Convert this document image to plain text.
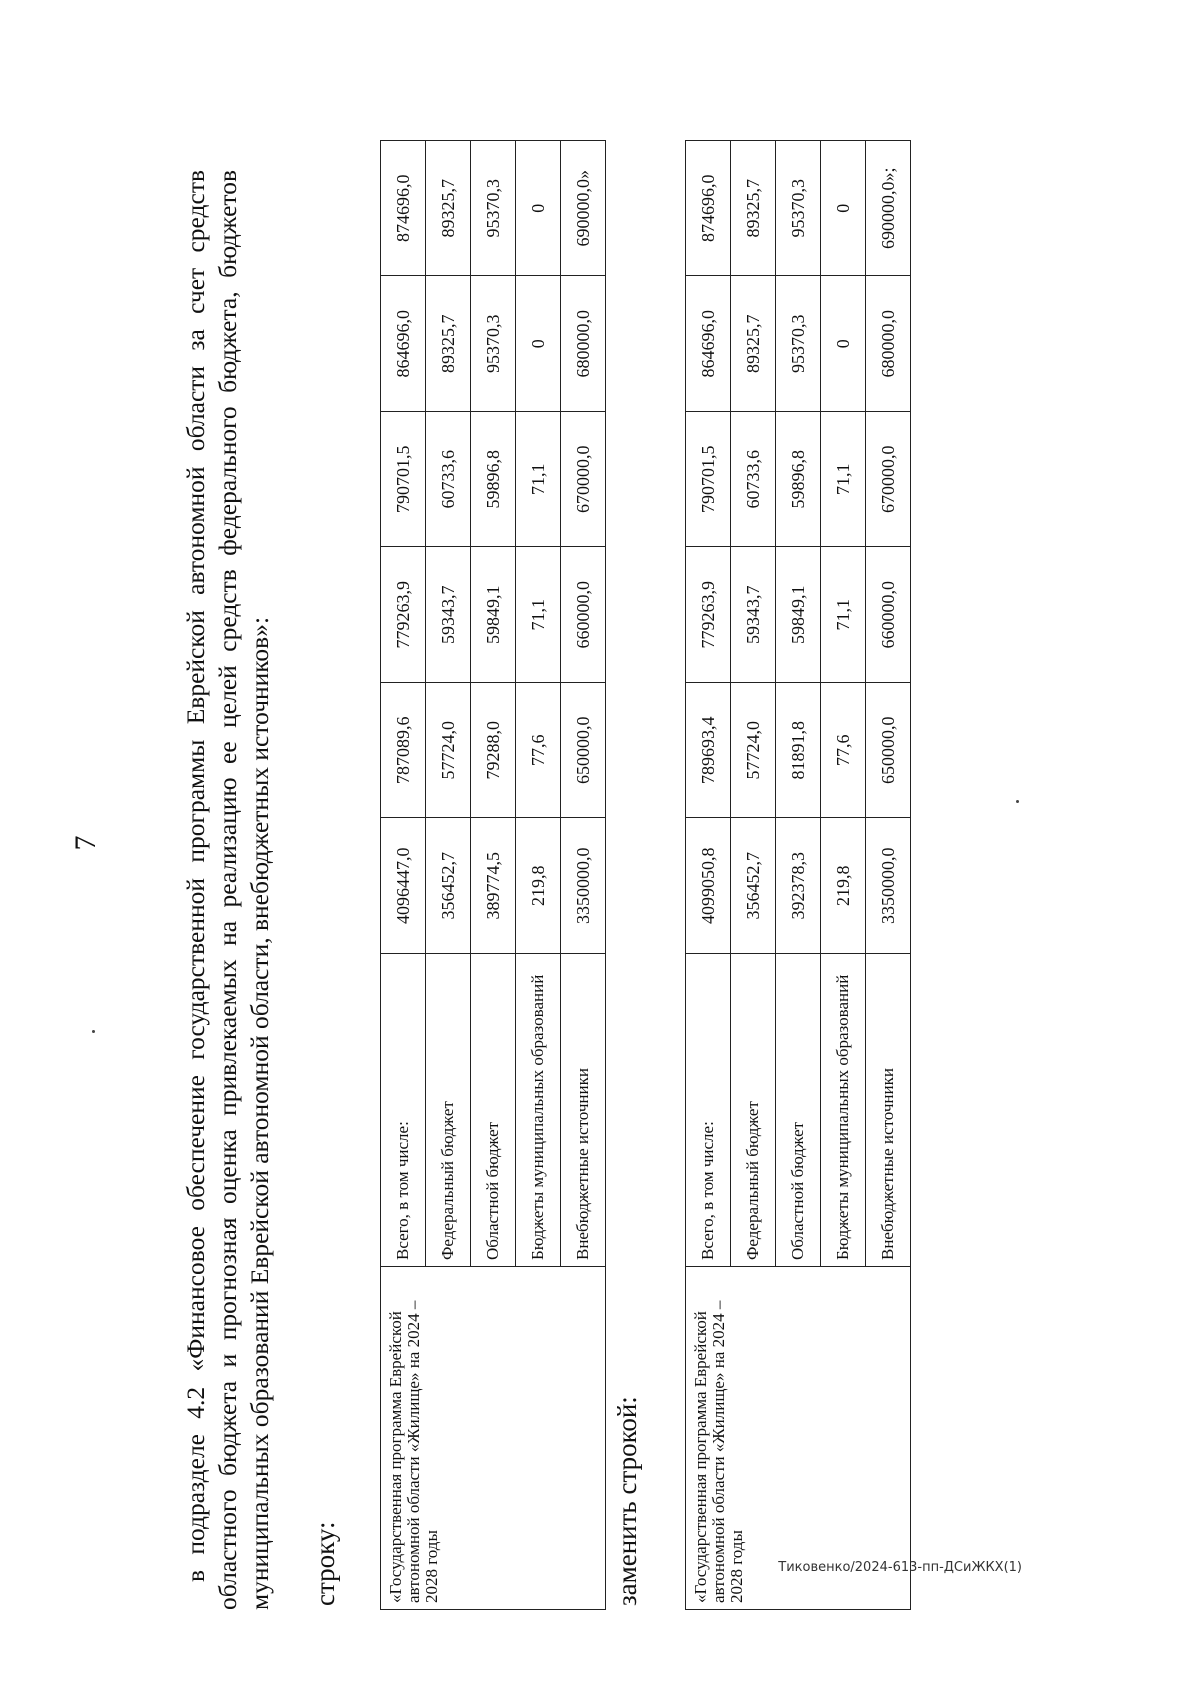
7	в подразделе 4.2 «Финансовое обеспечение государственной программы Еврейской автономной области за счет средств областного бюджета и прогнозная оценка привлекаемых на реализацию ее целей средств федерального бюджета, бюджетов муниципальных образований Еврейской автономной области, внебюджетных источников»: строку:	«Государственная программа Еврейской автономной области «Жилище» на 2024 – 2028 годы	Всего, в том числе:	4096447,0	787089,6	779263,9	790701,5	864696,0	874696,0
	Федеральный бюджет	356452,7	57724,0	59343,7	60733,6	89325,7	89325,7
	Областной бюджет	389774,5	79288,0	59849,1	59896,8	95370,3	95370,3
	Бюджеты муниципальных образований	219,8	77,6	71,1	71,1	0	0
	Внебюджетные источники	3350000,0	650000,0	660000,0	670000,0	680000,0	690000,0»
заменить строкой:	«Государственная программа Еврейской автономной области «Жилище» на 2024 – 2028 годы	Всего, в том числе:	4099050,8	789693,4	779263,9	790701,5	864696,0	874696,0
	Федеральный бюджет	356452,7	57724,0	59343,7	60733,6	89325,7	89325,7
	Областной бюджет	392378,3	81891,8	59849,1	59896,8	95370,3	95370,3
	Бюджеты муниципальных образований	219,8	77,6	71,1	71,1	0	0
	Внебюджетные источники	3350000,0	650000,0	660000,0	670000,0	680000,0	690000,0»;
Тиковенко/2024-613-пп-ДСиЖКХ(1)
